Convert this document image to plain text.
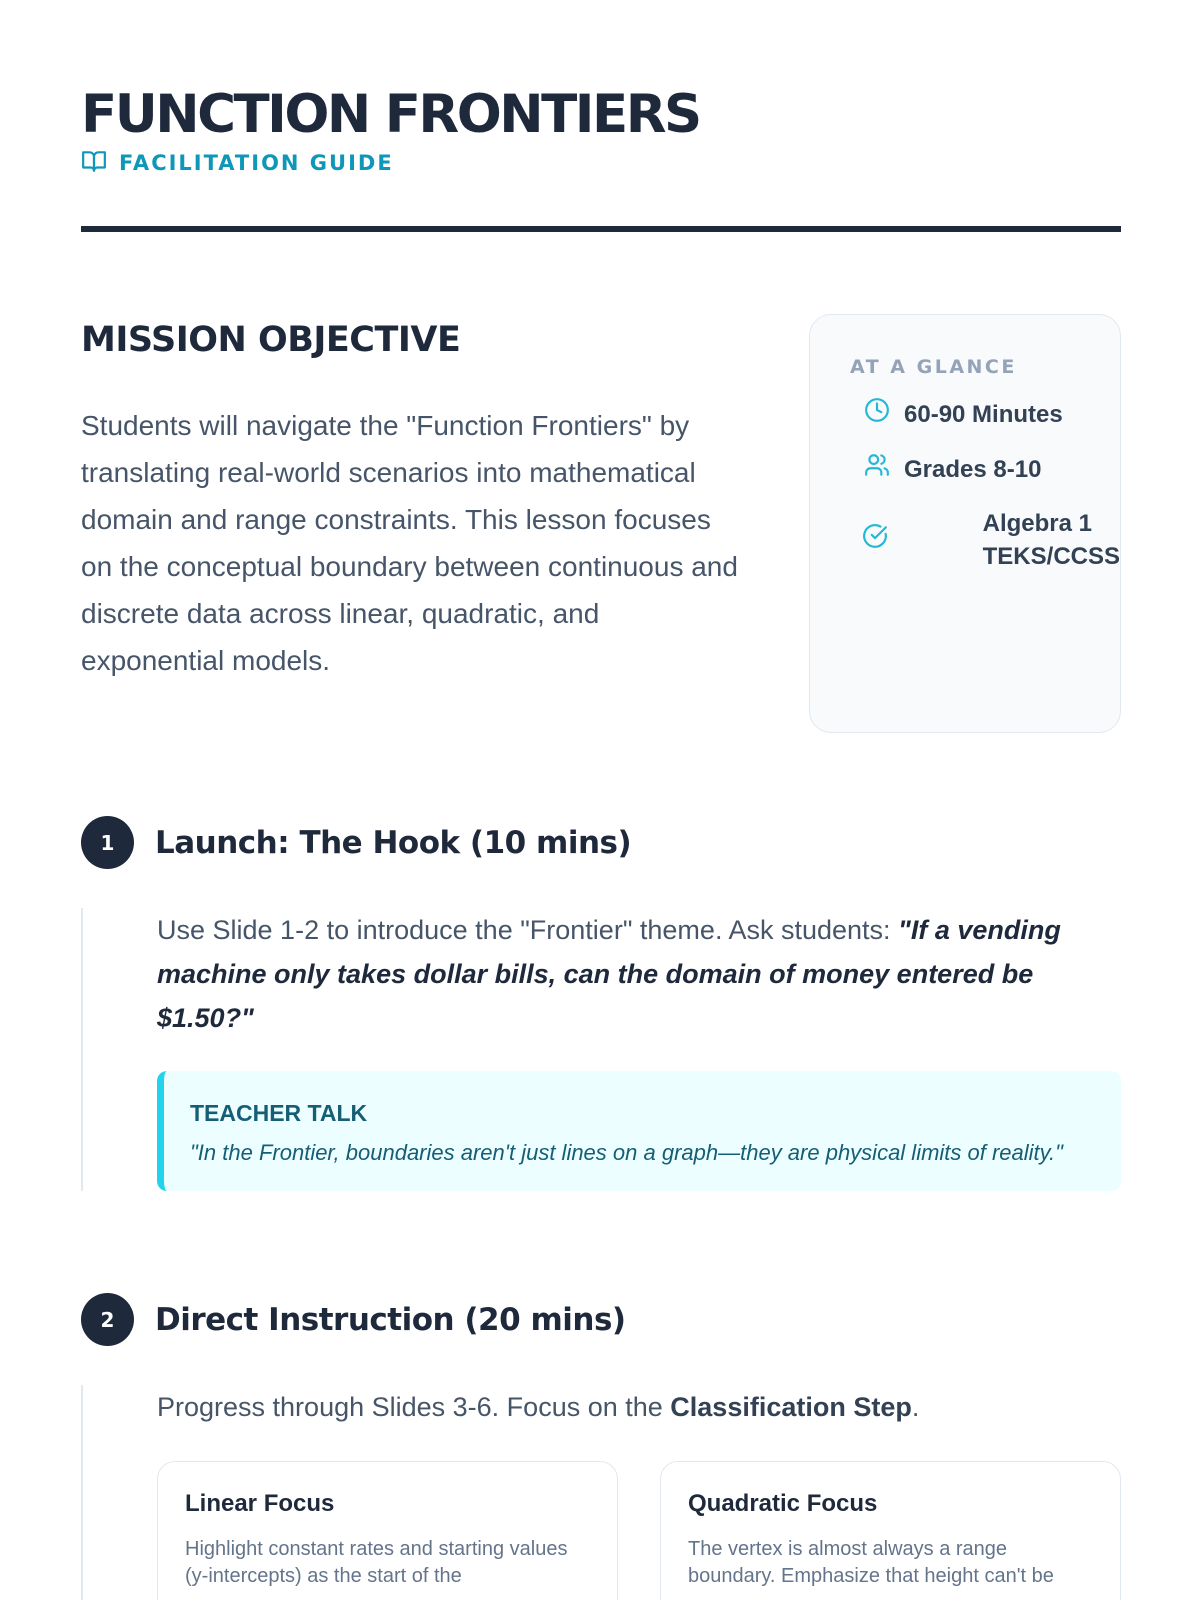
FUNCTION FRONTIERS
FACILITATION GUIDE
MISSION OBJECTIVE

Students will navigate the "Function Frontiers" by translating real-world scenarios into mathematical domain and range constraints. This lesson focuses on the conceptual boundary between continuous and discrete data across linear, quadratic, and exponential models.

AT A GLANCE
60-90 Minutes
Grades 8-10
Algebra 1 TEKS/CCSS
1	Launch: The Hook (10 mins)

Use Slide 1-2 to introduce the "Frontier" theme. Ask students: "If a vending machine only takes dollar bills, can the domain of money entered be $1.50?"

TEACHER TALK
"In the Frontier, boundaries aren't just lines on a graph—they are physical limits of reality."
2	Direct Instruction (20 mins)

Progress through Slides 3-6. Focus on the Classification Step.

Linear Focus

Highlight constant rates and starting values (y-intercepts) as the start of the

Quadratic Focus

The vertex is almost always a range boundary. Emphasize that height can't be
